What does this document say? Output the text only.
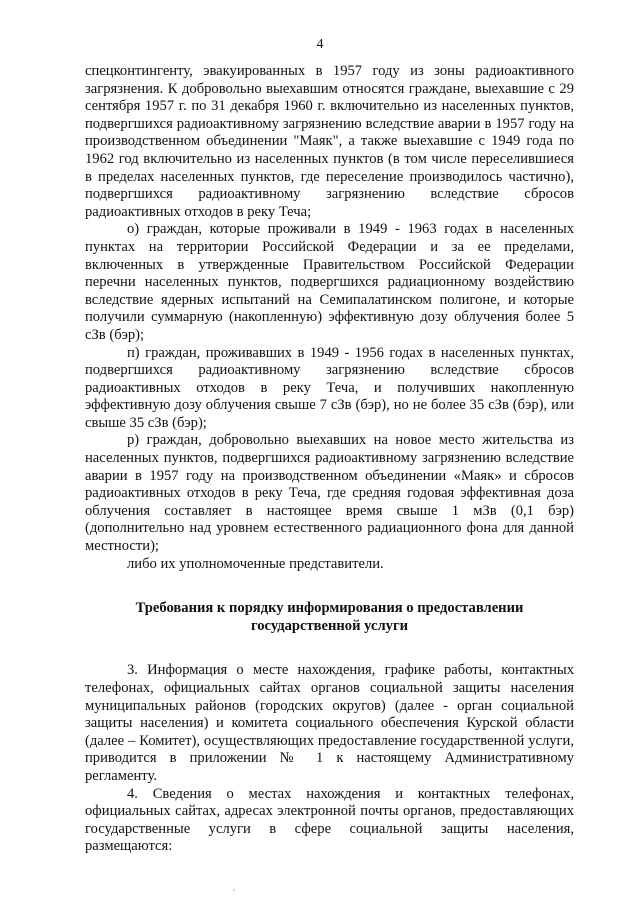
4

спецконтингенту, эвакуированных в 1957 году из зоны радиоактивного загрязнения. К добровольно выехавшим относятся граждане, выехавшие с 29 сентября 1957 г. по 31 декабря 1960 г. включительно из населенных пунктов, подвергшихся радиоактивному загрязнению вследствие аварии в 1957 году на производственном объединении "Маяк", а также выехавшие с 1949 года по 1962 год включительно из населенных пунктов (в том числе переселившиеся в пределах населенных пунктов, где переселение производилось частично), подвергшихся радиоактивному загрязнению вследствие сбросов радиоактивных отходов в реку Теча;

о) граждан, которые проживали в 1949 - 1963 годах в населенных пунктах на территории Российской Федерации и за ее пределами, включенных в утвержденные Правительством Российской Федерации перечни населенных пунктов, подвергшихся радиационному воздействию вследствие ядерных испытаний на Семипалатинском полигоне, и которые получили суммарную (накопленную) эффективную дозу облучения более 5 сЗв (бэр);

п) граждан, проживавших в 1949 - 1956 годах в населенных пунктах, подвергшихся радиоактивному загрязнению вследствие сбросов радиоактивных отходов в реку Теча, и получивших накопленную эффективную дозу облучения свыше 7 сЗв (бэр), но не более 35 сЗв (бэр), или свыше 35 сЗв (бэр);

р) граждан, добровольно выехавших на новое место жительства из населенных пунктов, подвергшихся радиоактивному загрязнению вследствие аварии в 1957 году на производственном объединении «Маяк» и сбросов радиоактивных отходов в реку Теча, где средняя годовая эффективная доза облучения составляет в настоящее время свыше 1 мЗв (0,1 бэр) (дополнительно над уровнем естественного радиационного фона для данной местности);

либо их уполномоченные представители.

Требования к порядку информирования о предоставлении
государственной услуги

3. Информация о месте нахождения, графике работы, контактных телефонах, официальных сайтах органов социальной защиты населения муниципальных районов (городских округов) (далее - орган социальной защиты населения) и комитета социального обеспечения Курской области (далее – Комитет), осуществляющих предоставление государственной услуги, приводится в приложении № 1 к настоящему Административному регламенту.

4. Сведения о местах нахождения и контактных телефонах, официальных сайтах, адресах электронной почты органов, предоставляющих государственные услуги в сфере социальной защиты населения, размещаются:
